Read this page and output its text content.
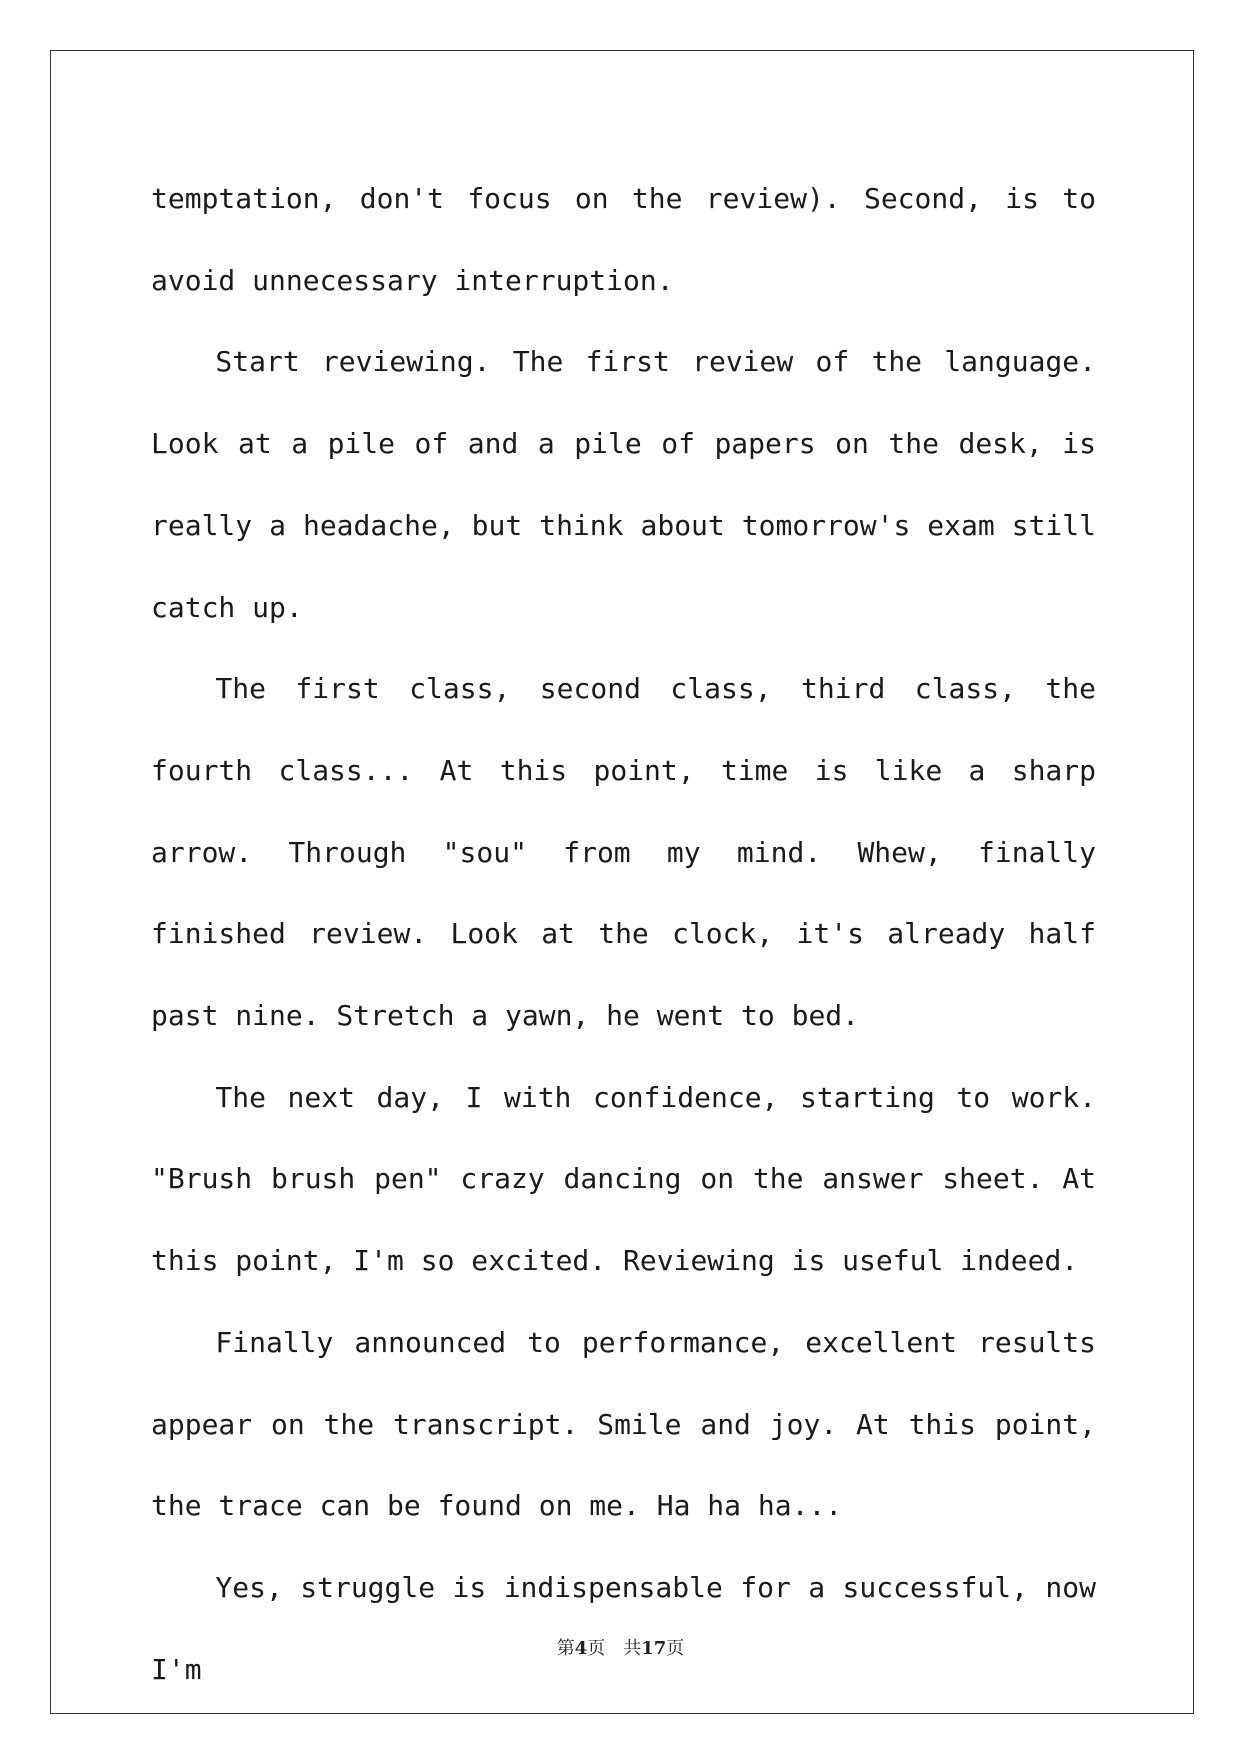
temptation, don't focus on the review). Second, is to avoid unnecessary interruption.

Start reviewing. The first review of the language. Look at a pile of and a pile of papers on the desk, is really a headache, but think about tomorrow's exam still catch up.

The first class, second class, third class, the fourth class... At this point, time is like a sharp arrow. Through "sou" from my mind. Whew, finally finished review. Look at the clock, it's already half past nine. Stretch a yawn, he went to bed.

The next day, I with confidence, starting to work. "Brush brush pen" crazy dancing on the answer sheet. At this point, I'm so excited. Reviewing is useful indeed.

Finally announced to performance, excellent results appear on the transcript. Smile and joy. At this point, the trace can be found on me. Ha ha ha...

Yes, struggle is indispensable for a successful, now I'm

第4页 共17页
